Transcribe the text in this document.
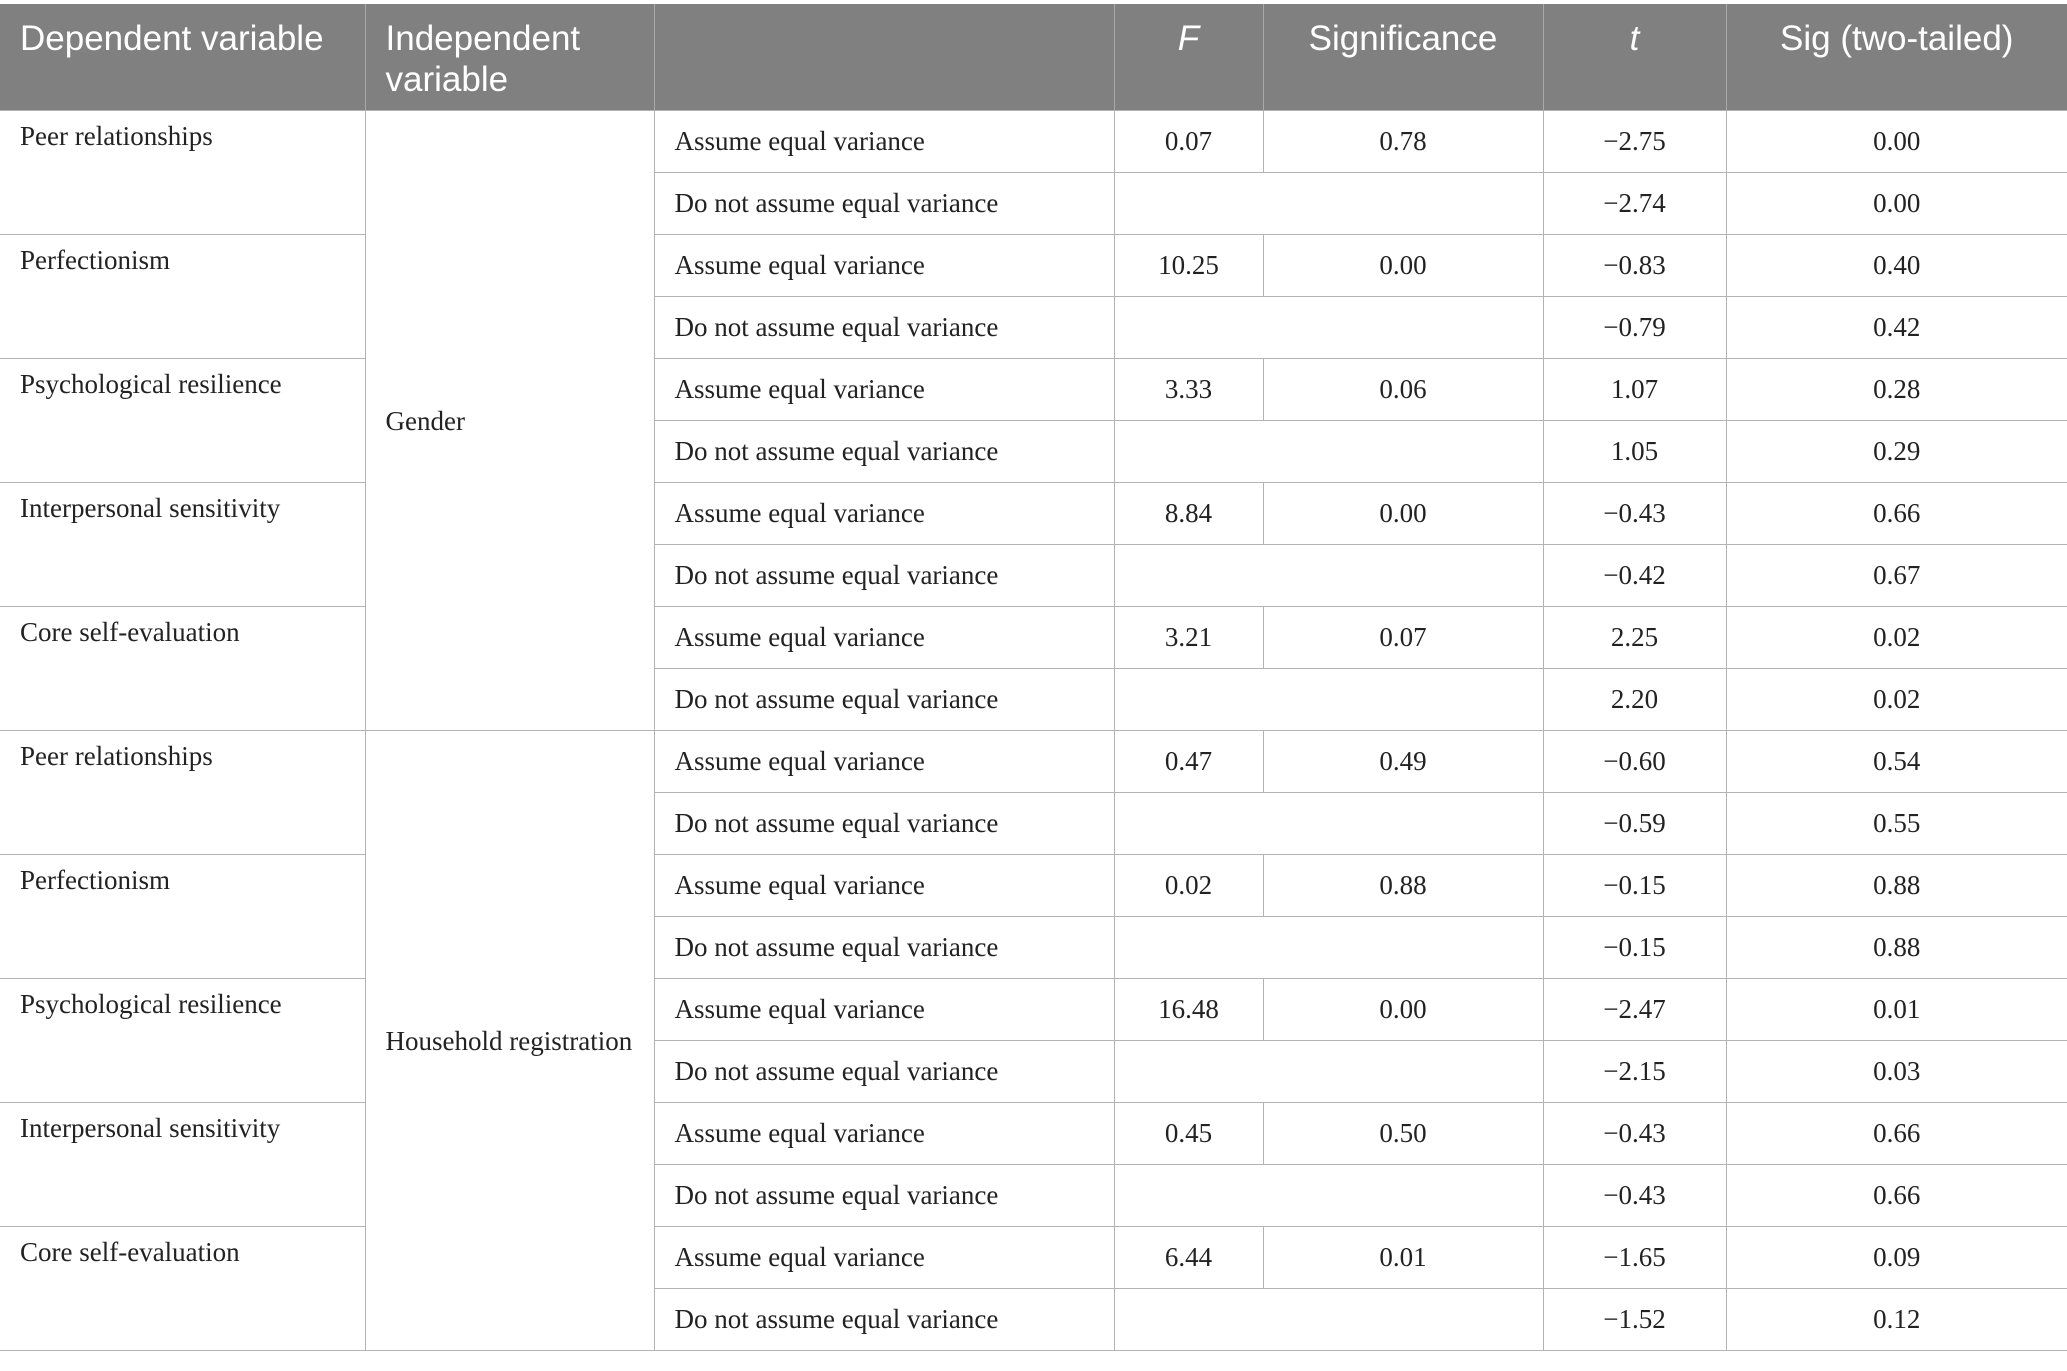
Dependent variable	Independent variable		F	Significance	t	Sig (two-tailed)
Peer relationships	Gender	Assume equal variance	0.07	0.78	−2.75	0.00
		Do not assume equal variance			−2.74	0.00
Perfectionism		Assume equal variance	10.25	0.00	−0.83	0.40
		Do not assume equal variance			−0.79	0.42
Psychological resilience		Assume equal variance	3.33	0.06	1.07	0.28
		Do not assume equal variance			1.05	0.29
Interpersonal sensitivity		Assume equal variance	8.84	0.00	−0.43	0.66
		Do not assume equal variance			−0.42	0.67
Core self-evaluation		Assume equal variance	3.21	0.07	2.25	0.02
		Do not assume equal variance			2.20	0.02
Peer relationships	Household registration	Assume equal variance	0.47	0.49	−0.60	0.54
		Do not assume equal variance			−0.59	0.55
Perfectionism		Assume equal variance	0.02	0.88	−0.15	0.88
		Do not assume equal variance			−0.15	0.88
Psychological resilience		Assume equal variance	16.48	0.00	−2.47	0.01
		Do not assume equal variance			−2.15	0.03
Interpersonal sensitivity		Assume equal variance	0.45	0.50	−0.43	0.66
		Do not assume equal variance			−0.43	0.66
Core self-evaluation		Assume equal variance	6.44	0.01	−1.65	0.09
		Do not assume equal variance			−1.52	0.12
